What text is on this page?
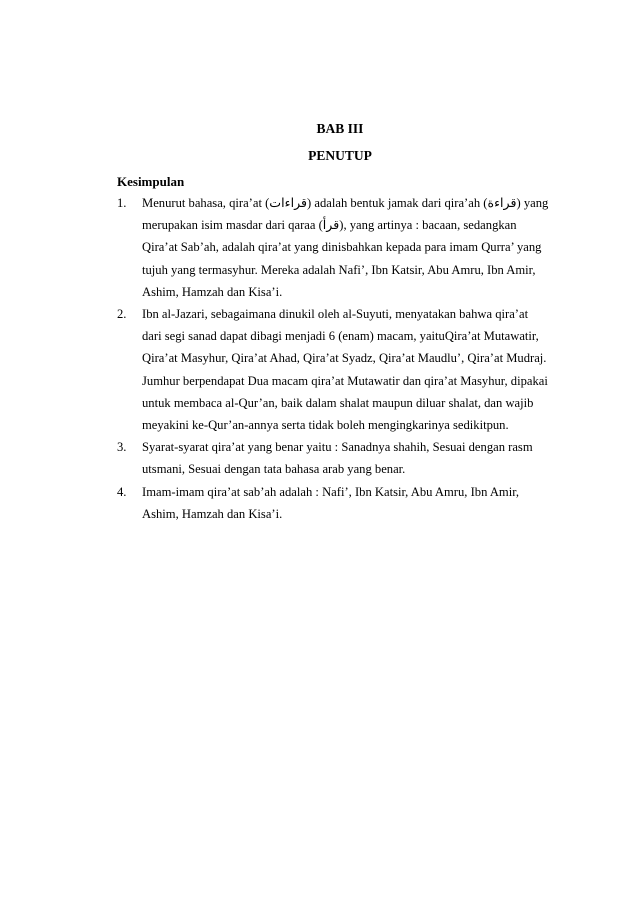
BAB III
PENUTUP
Kesimpulan
1. Menurut bahasa, qira’at (قراءات) adalah bentuk jamak dari qira’ah (قراءة) yang merupakan isim masdar dari qaraa (قرأ), yang artinya : bacaan, sedangkan Qira’at Sab’ah, adalah qira’at yang dinisbahkan kepada para imam Qurra’ yang tujuh yang termasyhur. Mereka adalah Nafi’, Ibn Katsir, Abu Amru, Ibn Amir, Ashim, Hamzah dan Kisa’i.
2. Ibn al-Jazari, sebagaimana dinukil oleh al-Suyuti, menyatakan bahwa qira’at dari segi sanad dapat dibagi menjadi 6 (enam) macam, yaituQira’at Mutawatir, Qira’at Masyhur, Qira’at Ahad, Qira’at Syadz, Qira’at Maudlu’, Qira’at Mudraj. Jumhur berpendapat Dua macam qira’at Mutawatir dan qira’at Masyhur, dipakai untuk membaca al-Qur’an, baik dalam shalat maupun diluar shalat, dan wajib meyakini ke-Qur’an-annya serta tidak boleh mengingkarinya sedikitpun.
3. Syarat-syarat qira’at yang benar yaitu : Sanadnya shahih, Sesuai dengan rasm utsmani, Sesuai dengan tata bahasa arab yang benar.
4. Imam-imam qira’at sab’ah adalah : Nafi’, Ibn Katsir, Abu Amru, Ibn Amir, Ashim, Hamzah dan Kisa’i.
